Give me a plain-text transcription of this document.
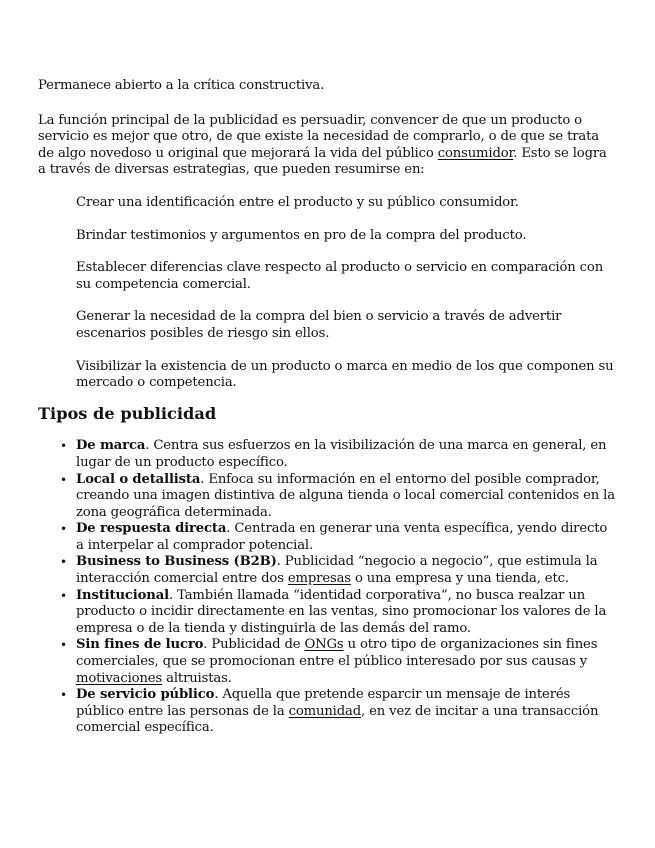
Permanece abierto a la crítica constructiva.

La función principal de la publicidad es persuadir, convencer de que un producto o servicio es mejor que otro, de que existe la necesidad de comprarlo, o de que se trata de algo novedoso u original que mejorará la vida del público consumidor. Esto se logra a través de diversas estrategias, que pueden resumirse en:

Crear una identificación entre el producto y su público consumidor.

Brindar testimonios y argumentos en pro de la compra del producto.

Establecer diferencias clave respecto al producto o servicio en comparación con su competencia comercial.

Generar la necesidad de la compra del bien o servicio a través de advertir escenarios posibles de riesgo sin ellos.

Visibilizar la existencia de un producto o marca en medio de los que componen su mercado o competencia.

Tipos de publicidad
• De marca. Centra sus esfuerzos en la visibilización de una marca en general, en lugar de un producto específico.
• Local o detallista. Enfoca su información en el entorno del posible comprador, creando una imagen distintiva de alguna tienda o local comercial contenidos en la zona geográfica determinada.
• De respuesta directa. Centrada en generar una venta específica, yendo directo a interpelar al comprador potencial.
• Business to Business (B2B). Publicidad “negocio a negocio”, que estimula la interacción comercial entre dos empresas o una empresa y una tienda, etc.
• Institucional. También llamada “identidad corporativa”, no busca realzar un producto o incidir directamente en las ventas, sino promocionar los valores de la empresa o de la tienda y distinguirla de las demás del ramo.
• Sin fines de lucro. Publicidad de ONGs u otro tipo de organizaciones sin fines comerciales, que se promocionan entre el público interesado por sus causas y motivaciones altruistas.
• De servicio público. Aquella que pretende esparcir un mensaje de interés público entre las personas de la comunidad, en vez de incitar a una transacción comercial específica.
